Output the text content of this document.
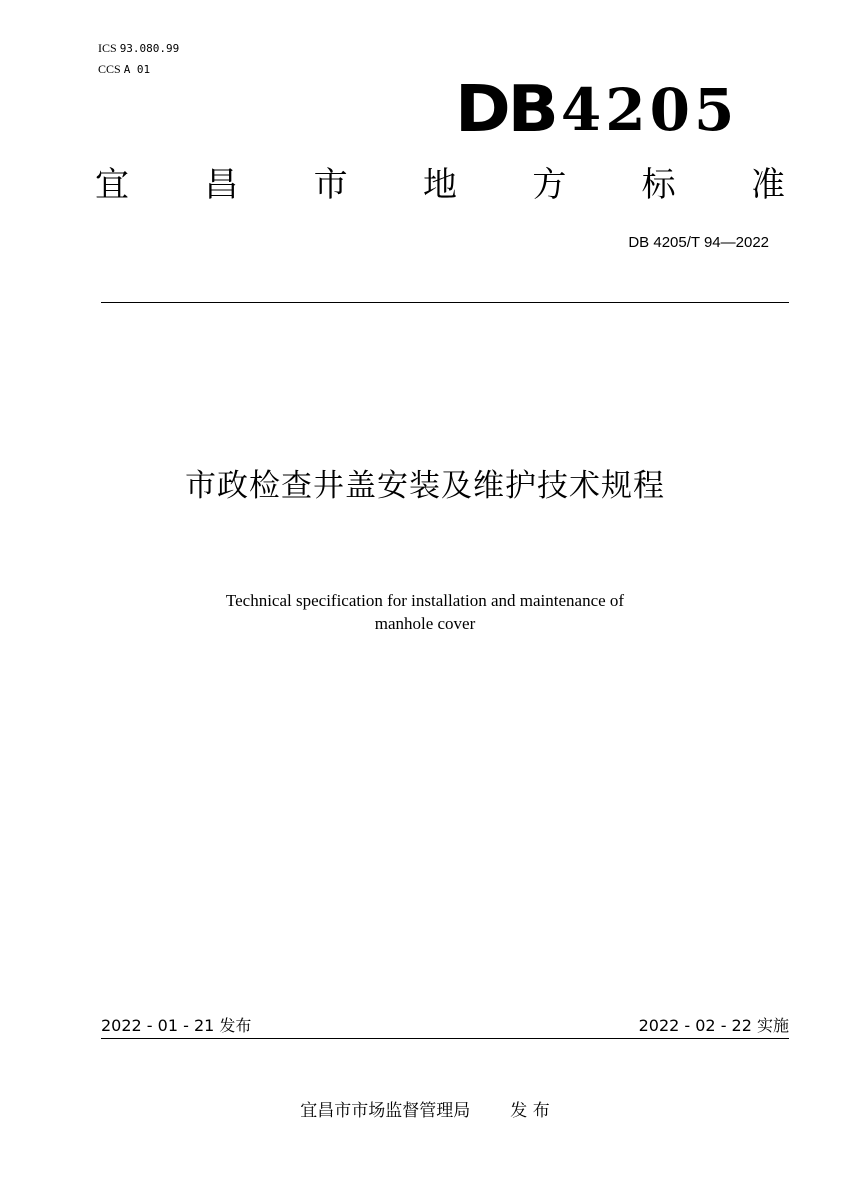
ICS 93.080.99
CCS A 01
DB 4205
宜 昌 市 地 方 标 准
DB 4205/T 94—2022
市政检查井盖安装及维护技术规程
Technical specification for installation and maintenance of
manhole cover
2022 - 01 - 21 发布	2022 - 02 - 22 实施
宜昌市市场监督管理局 发 布
